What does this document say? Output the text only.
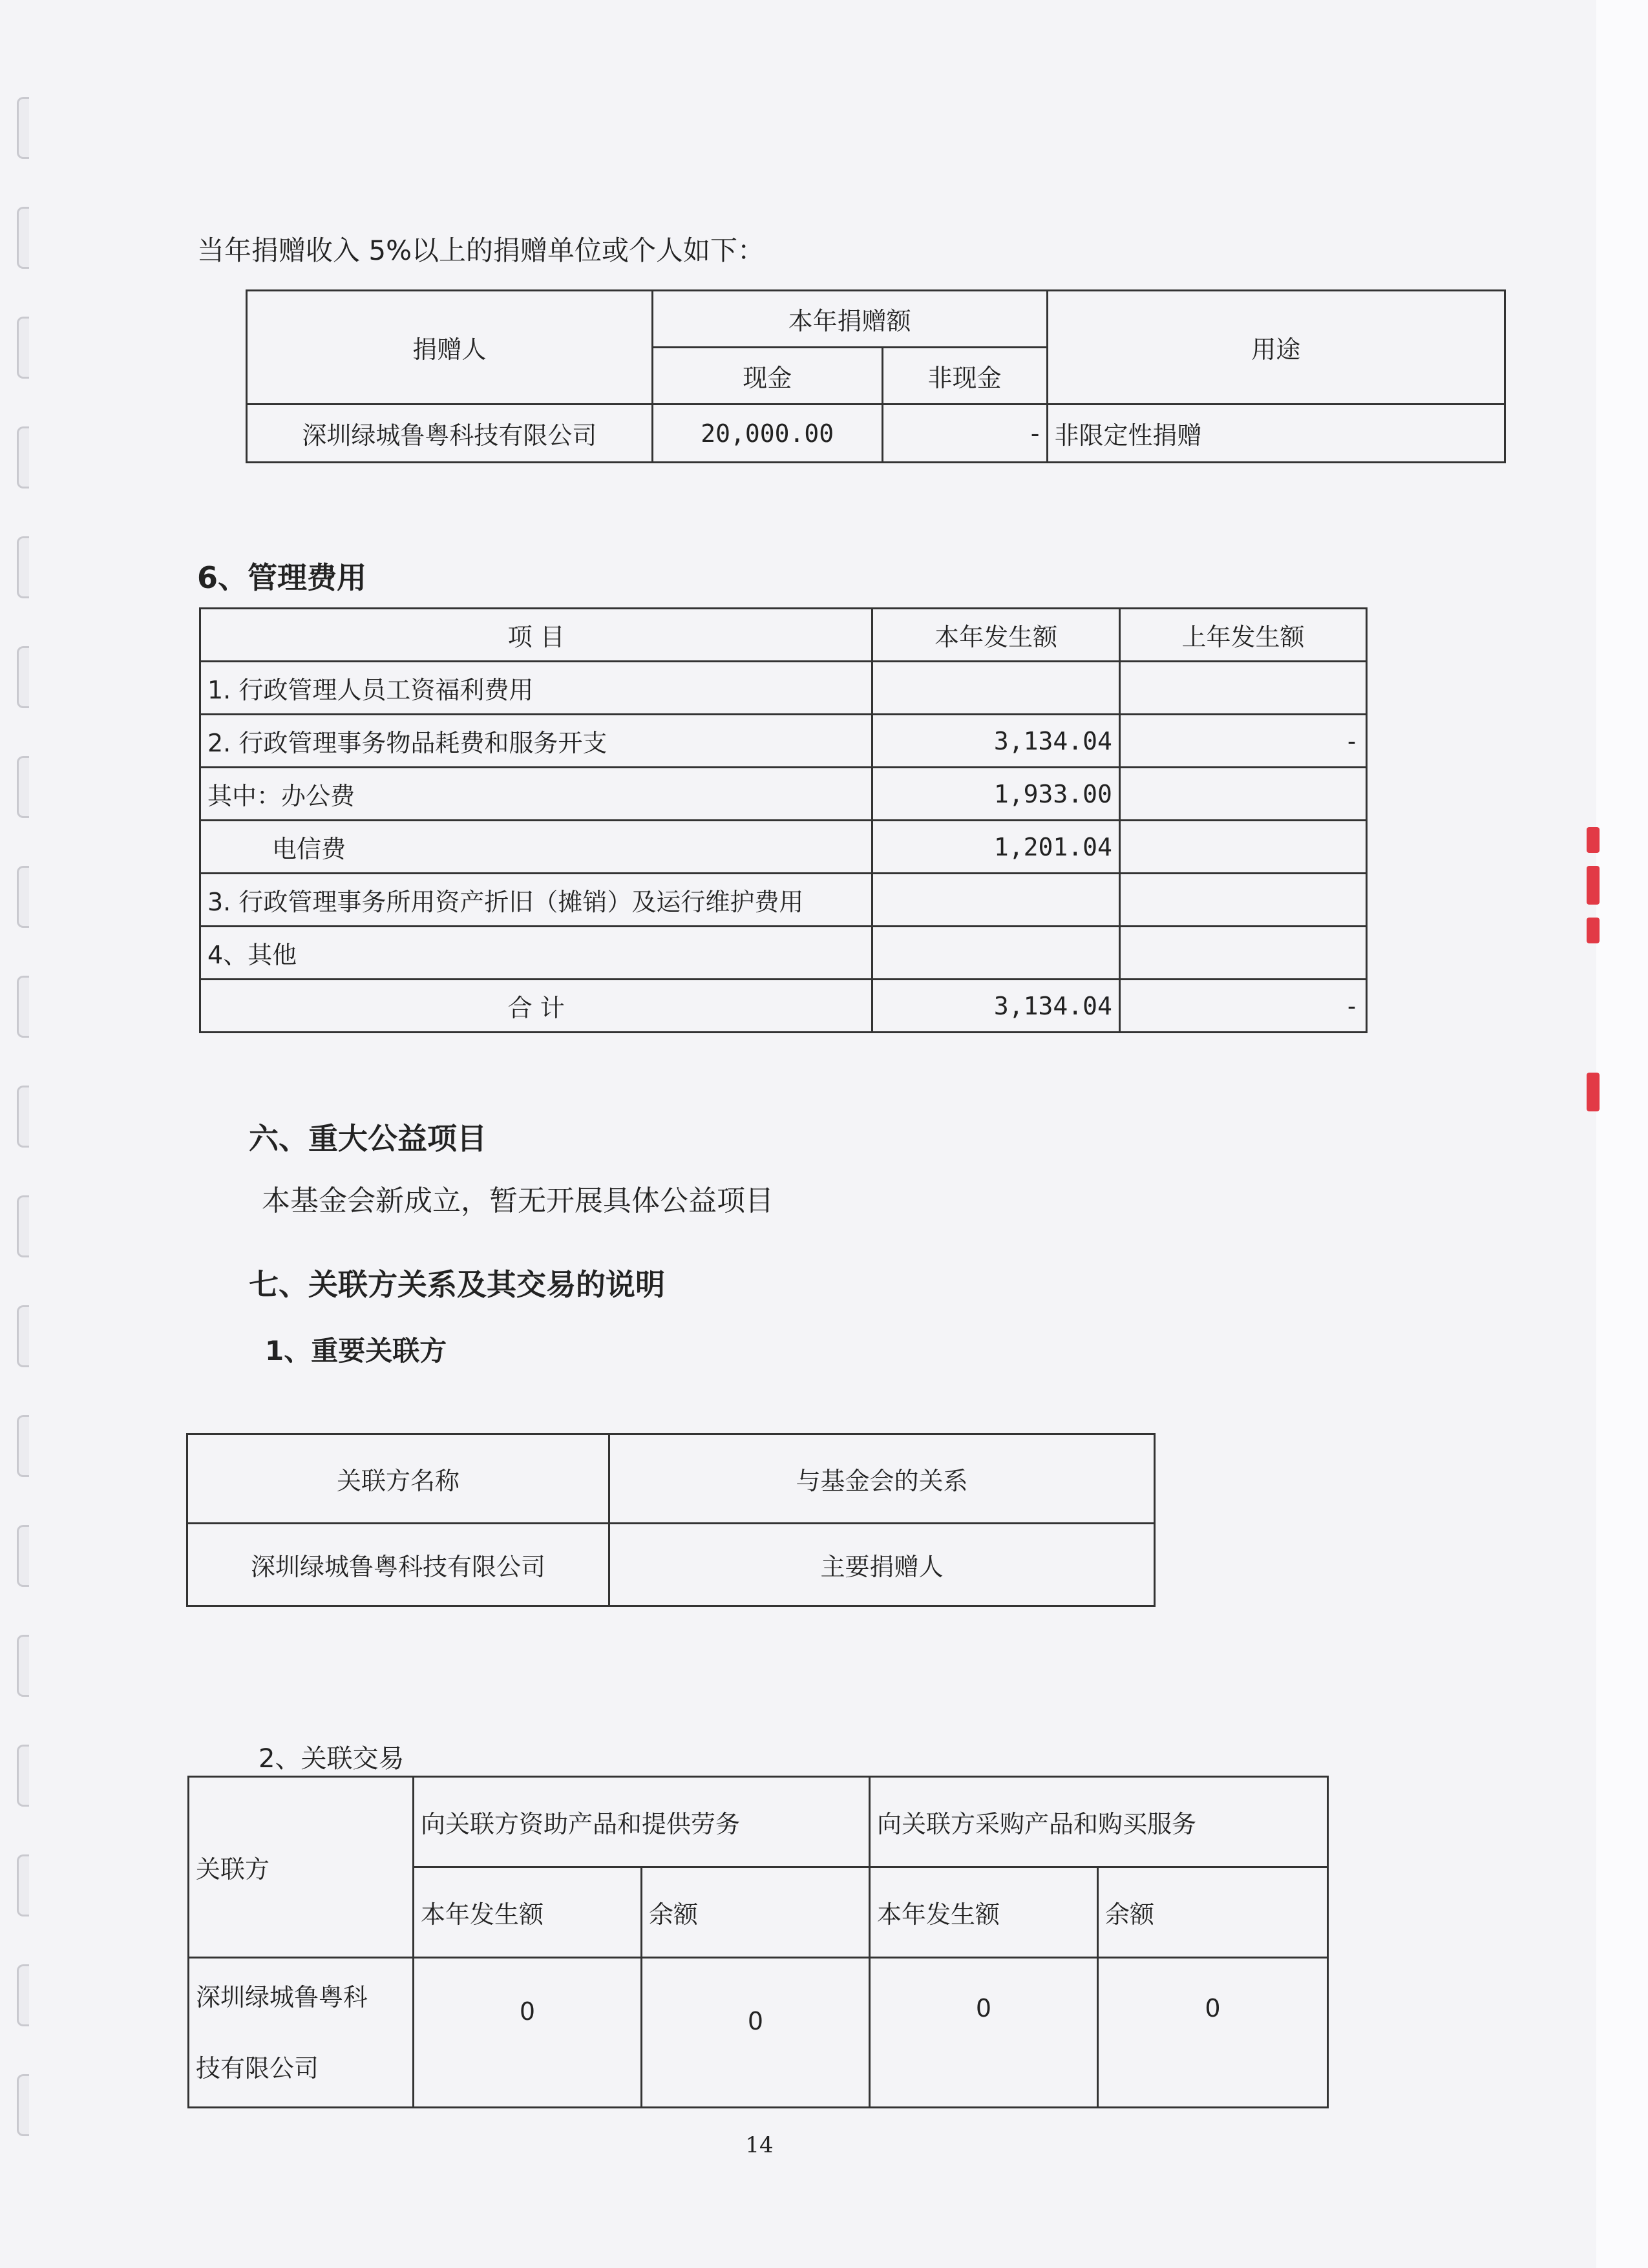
当年捐赠收入 5%以上的捐赠单位或个人如下：
捐赠人	本年捐赠额		用途
	现金	非现金	
深圳绿城鲁粤科技有限公司	20,000.00	-	非限定性捐赠
6、管理费用
项 目	本年发生额	上年发生额
1. 行政管理人员工资福利费用		
2. 行政管理事务物品耗费和服务开支	3,134.04	-
其中：办公费	1,933.00	
电信费	1,201.04	
3. 行政管理事务所用资产折旧（摊销）及运行维护费用		
4、其他		
合 计	3,134.04	-
六、重大公益项目
本基金会新成立，暂无开展具体公益项目
七、关联方关系及其交易的说明
1、重要关联方
关联方名称	与基金会的关系
深圳绿城鲁粤科技有限公司	主要捐赠人
2、关联交易
关联方	向关联方资助产品和提供劳务		向关联方采购产品和购买服务	
	本年发生额	余额	本年发生额	余额

深圳绿城鲁粤科
技有限公司	0	0	0	0
14
